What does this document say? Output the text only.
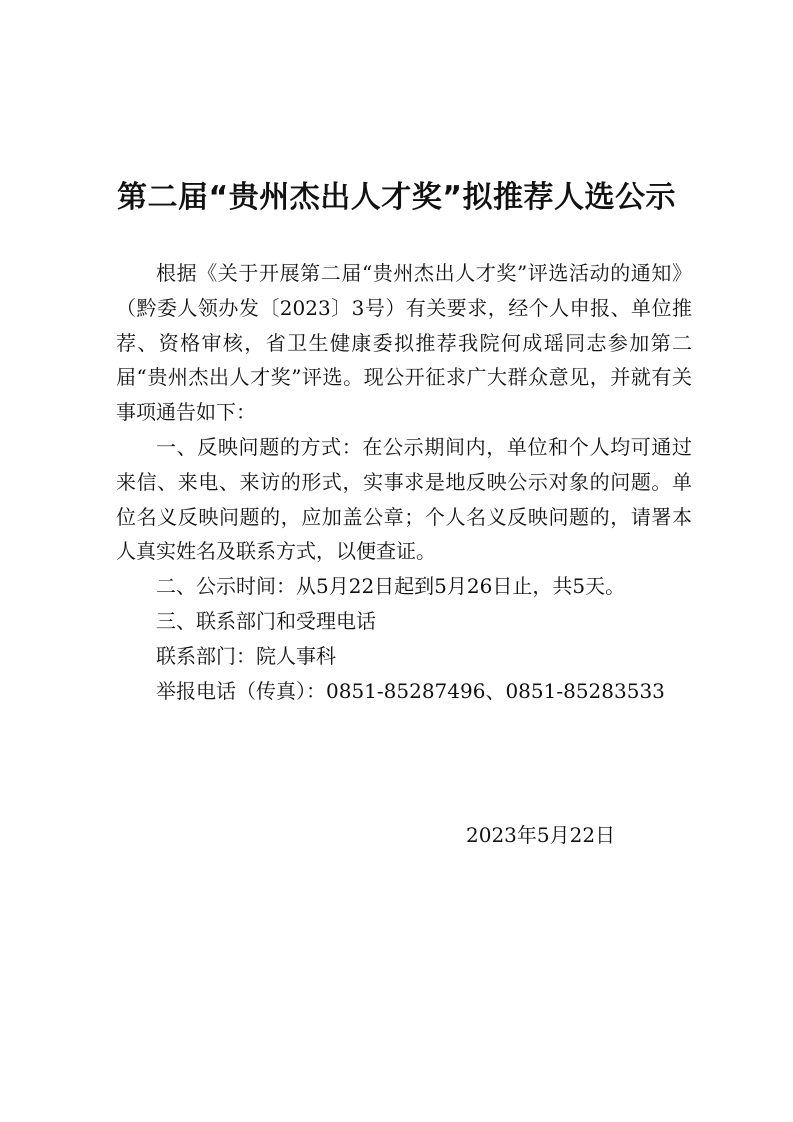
第二届“贵州杰出人才奖”拟推荐人选公示

根据《关于开展第二届“贵州杰出人才奖”评选活动的通知》（黔委人领办发〔2023〕3号）有关要求，经个人申报、单位推荐、资格审核，省卫生健康委拟推荐我院何成瑶同志参加第二届“贵州杰出人才奖”评选。现公开征求广大群众意见，并就有关事项通告如下：

一、反映问题的方式：在公示期间内，单位和个人均可通过来信、来电、来访的形式，实事求是地反映公示对象的问题。单位名义反映问题的，应加盖公章；个人名义反映问题的，请署本人真实姓名及联系方式，以便查证。

二、公示时间：从5月22日起到5月26日止，共5天。

三、联系部门和受理电话

联系部门：院人事科

举报电话（传真）：0851-85287496、0851-85283533

2023年5月22日
